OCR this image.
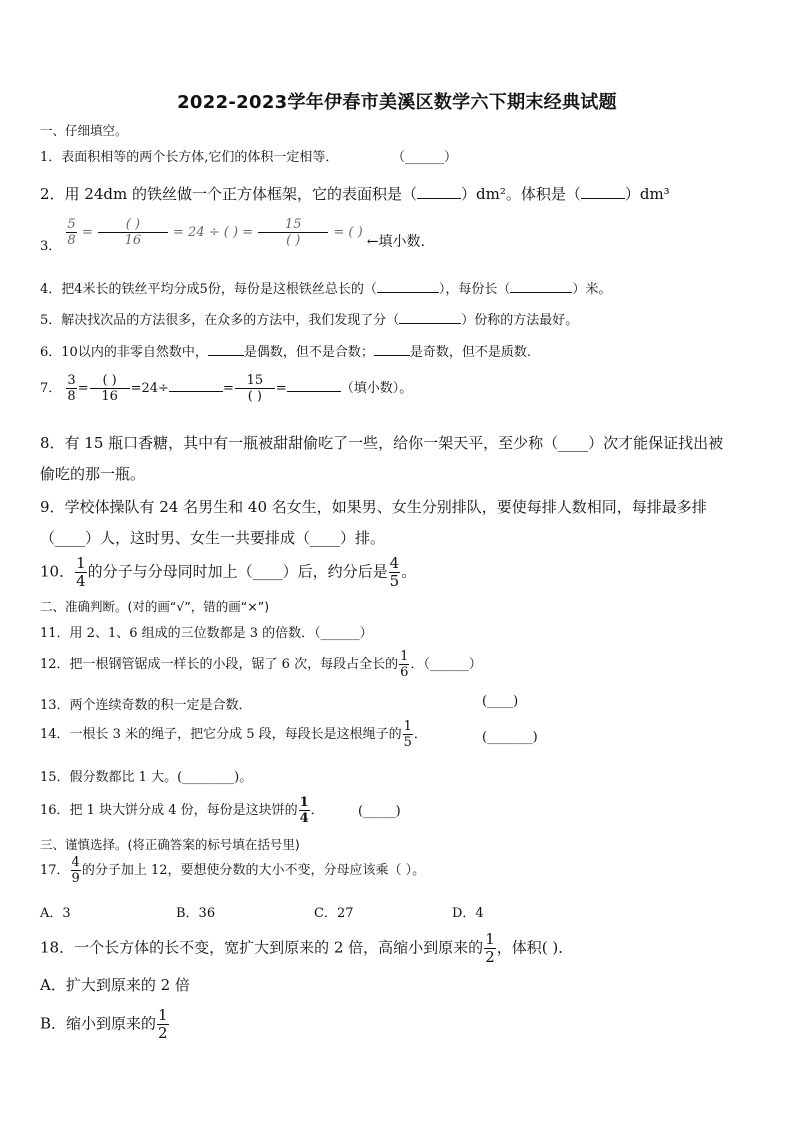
2022-2023学年伊春市美溪区数学六下期末经典试题
一、仔细填空。
1．表面积相等的两个长方体,它们的体积一定相等．	（______）
2．用 24dm 的铁丝做一个正方体框架，它的表面积是（	）dm²。体积是（	）dm³
3． $\frac{5}{8} = \frac{( )}{16} = 24$ ÷ ( ) = $\frac{15}{( )}$ = ( ) ←填小数.
4．把4米长的铁丝平均分成5份，每份是这根铁丝总长的（	），每份长（	）米。
5．解决找次品的方法很多，在众多的方法中，我们发现了分（	）份称的方法最好。
6．10以内的非零自然数中，	是偶数，但不是合数；	是奇数，但不是质数.
7． $\frac{3}{8} = \frac{( )}{16} =24\div$	= $\frac{15}{( )}$ =	（填小数）。
8．有 15 瓶口香糖，其中有一瓶被甜甜偷吃了一些，给你一架天平，至少称（____）次才能保证找出被
偷吃的那一瓶。
9．学校体操队有 24 名男生和 40 名女生，如果男、女生分别排队，要使每排人数相同，每排最多排
（____）人，这时男、女生一共要排成（____）排。
10． $\frac{1}{4}$ 的分子与分母同时加上（____）后，约分后是 $\frac{4}{5}$ 。
二、准确判断。(对的画“√”，错的画“×”)
11．用 2、1、6 组成的三位数都是 3 的倍数．（______）
12．把一根钢管锯成一样长的小段，锯了 6 次，每段占全长的 $\frac{1}{6}$ ．（______）
13．两个连续奇数的积一定是合数．	(____)
14．一根长 3 米的绳子，把它分成 5 段，每段长是这根绳子的 $\frac{1}{5}$ ．	(_______)
15．假分数都比 1 大。(________)。
16．把 1 块大饼分成 4 份，每份是这块饼的 $\frac{1}{4}$ ．	(_____)
三、谨慎选择。(将正确答案的标号填在括号里)
17． $\frac{4}{9}$ 的分子加上 12，要想使分数的大小不变，分母应该乘（ ）。
A．3	B．36	C．27	D．4
18．一个长方体的长不变，宽扩大到原来的 2 倍，高缩小到原来的 $\frac{1}{2}$ ，体积( )．
A．扩大到原来的 2 倍
B．缩小到原来的 $\frac{1}{2}$
